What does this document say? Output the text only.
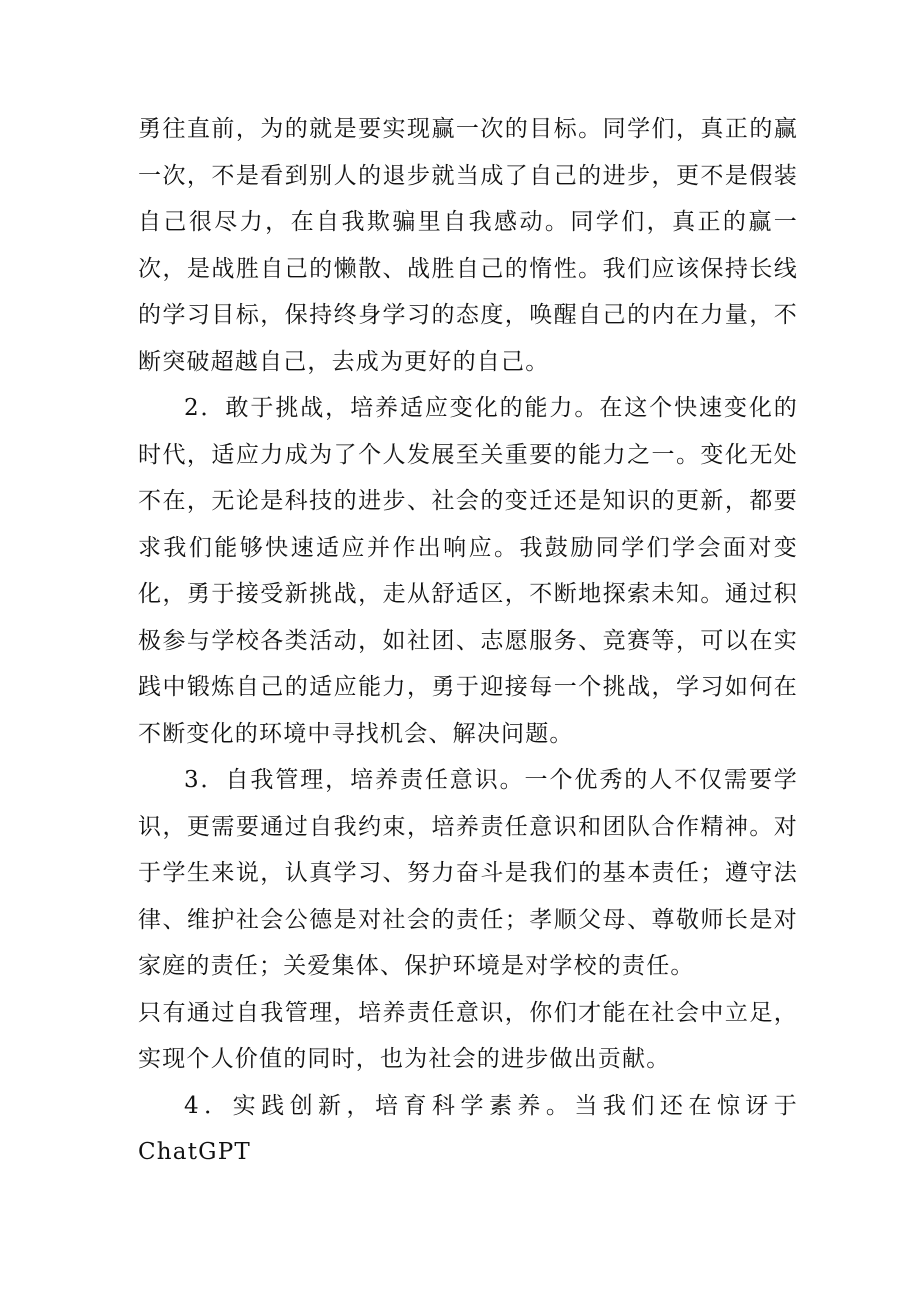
勇往直前，为的就是要实现赢一次的目标。同学们，真正的赢一次，不是看到别人的退步就当成了自己的进步，更不是假装自己很尽力，在自我欺骗里自我感动。同学们，真正的赢一次，是战胜自己的懒散、战胜自己的惰性。我们应该保持长线的学习目标，保持终身学习的态度，唤醒自己的内在力量，不断突破超越自己，去成为更好的自己。

2．敢于挑战，培养适应变化的能力。在这个快速变化的时代，适应力成为了个人发展至关重要的能力之一。变化无处不在，无论是科技的进步、社会的变迁还是知识的更新，都要求我们能够快速适应并作出响应。我鼓励同学们学会面对变化，勇于接受新挑战，走从舒适区，不断地探索未知。通过积极参与学校各类活动，如社团、志愿服务、竞赛等，可以在实践中锻炼自己的适应能力，勇于迎接每一个挑战，学习如何在不断变化的环境中寻找机会、解决问题。

3．自我管理，培养责任意识。一个优秀的人不仅需要学识，更需要通过自我约束，培养责任意识和团队合作精神。对于学生来说，认真学习、努力奋斗是我们的基本责任；遵守法律、维护社会公德是对社会的责任；孝顺父母、尊敬师长是对家庭的责任；关爱集体、保护环境是对学校的责任。

只有通过自我管理，培养责任意识，你们才能在社会中立足，实现个人价值的同时，也为社会的进步做出贡献。

4．实践创新，培育科学素养。当我们还在惊讶于ChatGPT
